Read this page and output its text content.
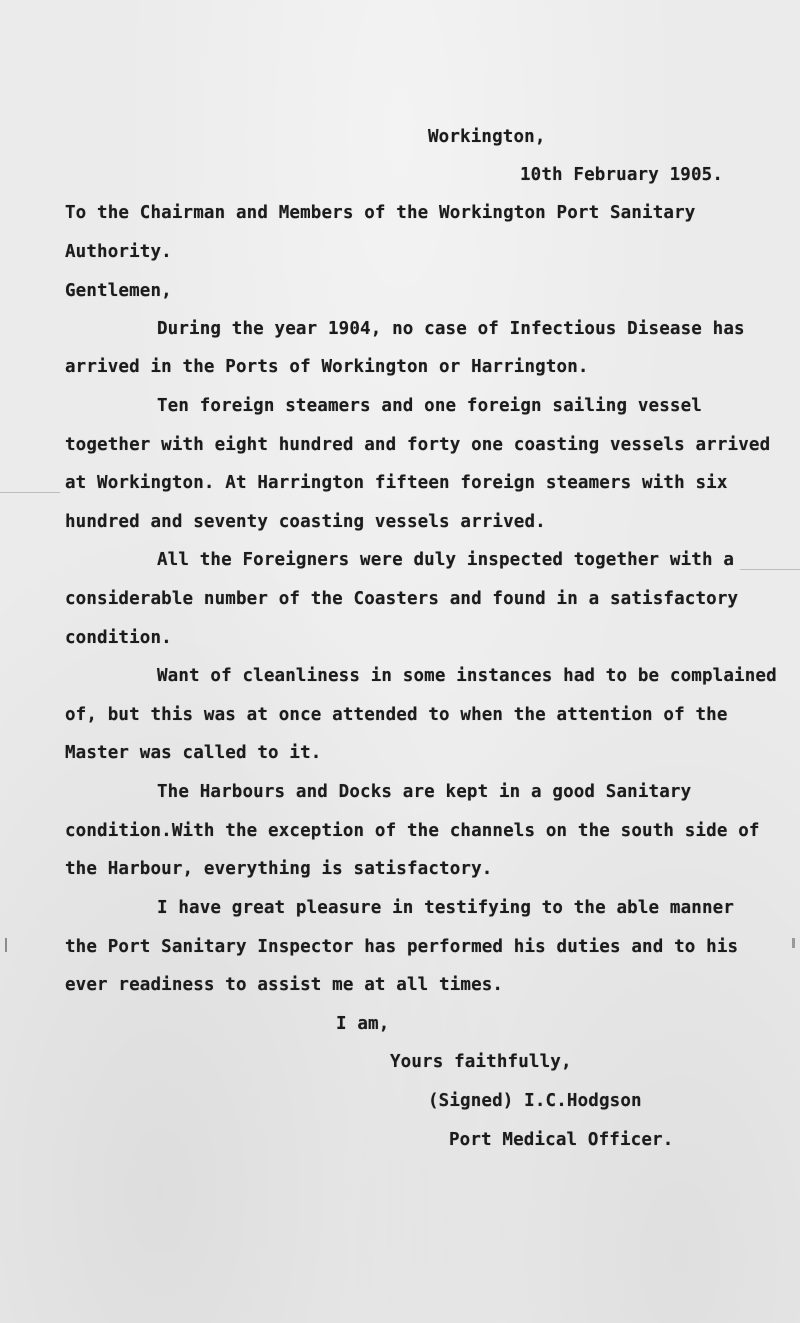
Workington,
10th February 1905.
To the Chairman and Members of the Workington Port Sanitary
Authority.
Gentlemen,
During the year 1904, no case of Infectious Disease has
arrived in the Ports of Workington or Harrington.
Ten foreign steamers and one foreign sailing vessel
together with eight hundred and forty one coasting vessels arrived
at Workington. At Harrington fifteen foreign steamers with six
hundred and seventy coasting vessels arrived.
All the Foreigners were duly inspected together with a
considerable number of the Coasters and found in a satisfactory
condition.
Want of cleanliness in some instances had to be complained
of, but this was at once attended to when the attention of the
Master was called to it.
The Harbours and Docks are kept in a good Sanitary
condition.With the exception of the channels on the south side of
the Harbour, everything is satisfactory.
I have great pleasure in testifying to the able manner
the Port Sanitary Inspector has performed his duties and to his
ever readiness to assist me at all times.
I am,
Yours faithfully,
(Signed) I.C.Hodgson
Port Medical Officer.
